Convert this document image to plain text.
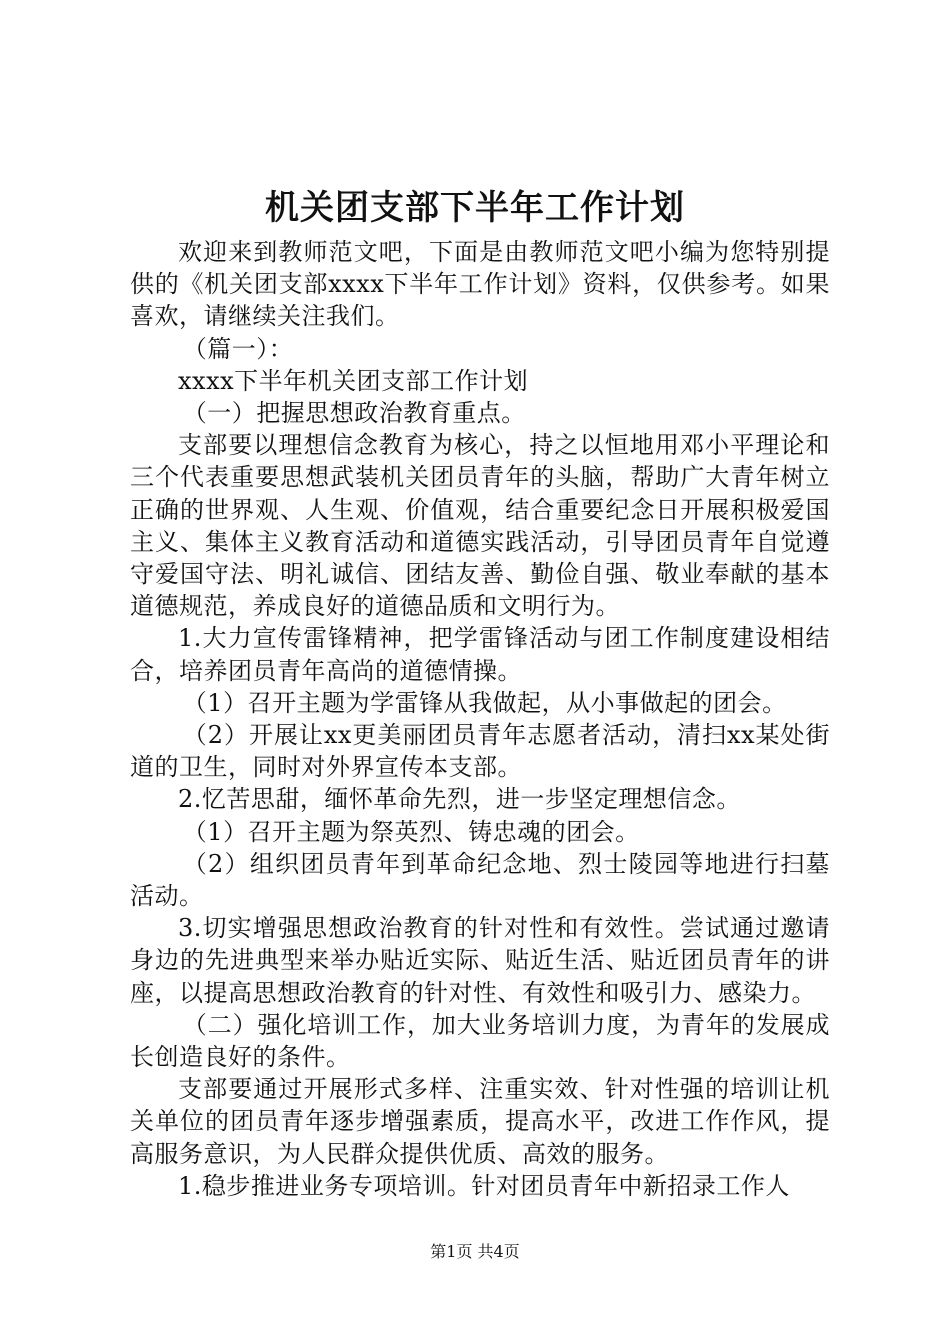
机关团支部下半年工作计划

欢迎来到教师范文吧，下面是由教师范文吧小编为您特别提供的《机关团支部xxxx下半年工作计划》资料，仅供参考。如果喜欢，请继续关注我们。

（篇一）：

xxxx下半年机关团支部工作计划

（一）把握思想政治教育重点。

支部要以理想信念教育为核心，持之以恒地用邓小平理论和三个代表重要思想武装机关团员青年的头脑，帮助广大青年树立正确的世界观、人生观、价值观，结合重要纪念日开展积极爱国主义、集体主义教育活动和道德实践活动，引导团员青年自觉遵守爱国守法、明礼诚信、团结友善、勤俭自强、敬业奉献的基本道德规范，养成良好的道德品质和文明行为。

1.大力宣传雷锋精神，把学雷锋活动与团工作制度建设相结合，培养团员青年高尚的道德情操。

（1）召开主题为学雷锋从我做起，从小事做起的团会。

（2）开展让xx更美丽团员青年志愿者活动，清扫xx某处街道的卫生，同时对外界宣传本支部。

2.忆苦思甜，缅怀革命先烈，进一步坚定理想信念。

（1）召开主题为祭英烈、铸忠魂的团会。

（2）组织团员青年到革命纪念地、烈士陵园等地进行扫墓活动。

3.切实增强思想政治教育的针对性和有效性。尝试通过邀请身边的先进典型来举办贴近实际、贴近生活、贴近团员青年的讲座，以提高思想政治教育的针对性、有效性和吸引力、感染力。

（二）强化培训工作，加大业务培训力度，为青年的发展成长创造良好的条件。

支部要通过开展形式多样、注重实效、针对性强的培训让机关单位的团员青年逐步增强素质，提高水平，改进工作作风，提高服务意识，为人民群众提供优质、高效的服务。

1.稳步推进业务专项培训。针对团员青年中新招录工作人

第1页 共4页
